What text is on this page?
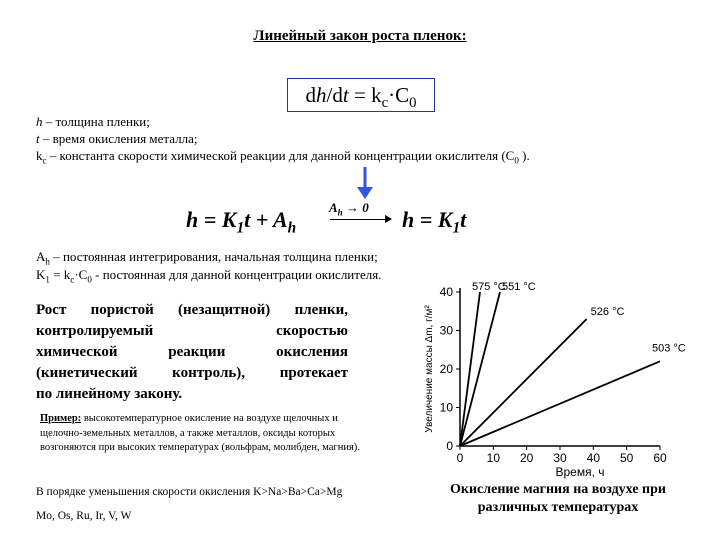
Линейный закон роста пленок:
$dh/dt = k_c\cdot C_0$
h – толщина пленки;
t – время окисления металла;
$k_c$ – константа скорости химической реакции для данной концентрации окислителя ($C_0$ ).
$h = K_1t + A_h$
$A_h \to 0$ $h = K_1t$
$A_h$ – постоянная интегрирования, начальная толщина пленки;
$K_1 = k_c\cdot C_0$ - постоянная для данной концентрации окислителя.
Рост пористой (незащитной) пленки,
контролируемый скоростью
химической реакции окисления
(кинетический контроль), протекает
по линейному закону.
Пример: высокотемпературное окисление на воздухе щелочных и щелочно-земельных металлов, а также металлов, оксиды которых возгоняются при высоких температурах (вольфрам, молибден, магния).
В порядке уменьшения скорости окисления K>Na>Ba>Ca>Mg
Mo, Os, Ru, Ir, V, W
0 10 20 30 40 50 60
0
10
20
30
40 575 °C
551 °C
526 °C
503 °C
Время, ч
Увеличение массы Δm, г/м²
Окисление магния на воздухе при различных температурах
